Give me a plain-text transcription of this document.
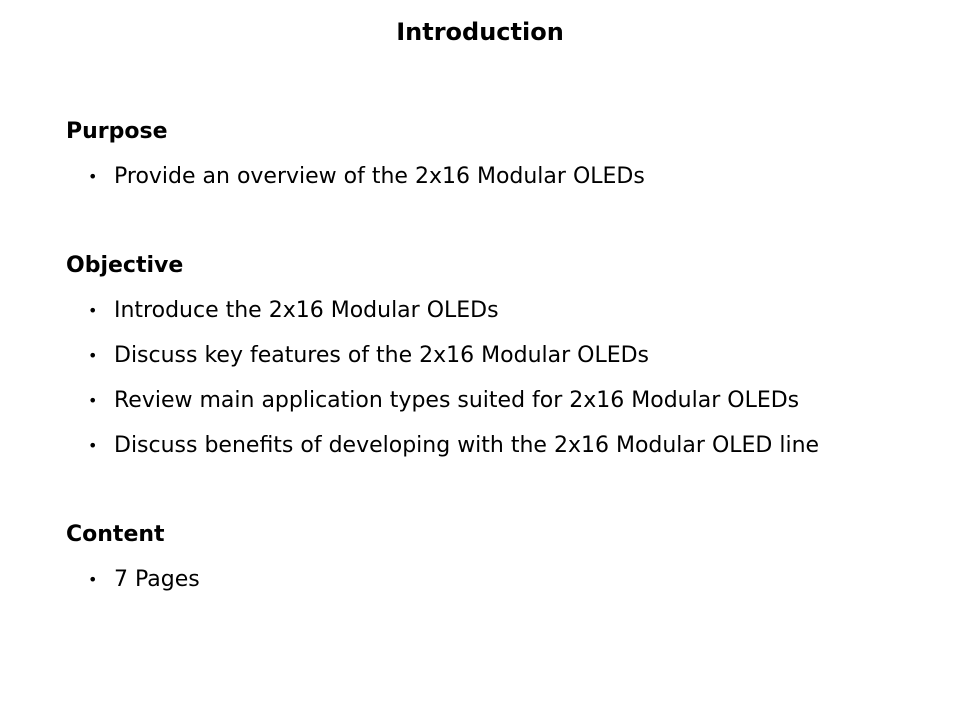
Introduction
Purpose
• Provide an overview of the 2x16 Modular OLEDs
Objective
• Introduce the 2x16 Modular OLEDs
• Discuss key features of the 2x16 Modular OLEDs
• Review main application types suited for 2x16 Modular OLEDs
• Discuss benefits of developing with the 2x16 Modular OLED line
Content
• 7 Pages
